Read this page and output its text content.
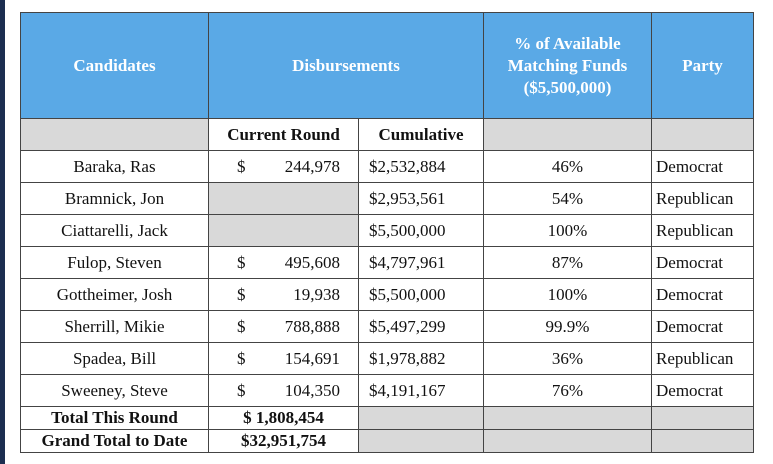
Candidates	Disbursements		% of Available Matching Funds ($5,500,000)	Party
	Current Round	Cumulative		
Baraka, Ras	$ 244,978	$2,532,884	46%	Democrat
Bramnick, Jon		$2,953,561	54%	Republican
Ciattarelli, Jack		$5,500,000	100%	Republican
Fulop, Steven	$ 495,608	$4,797,961	87%	Democrat
Gottheimer, Josh	$ 19,938	$5,500,000	100%	Democrat
Sherrill, Mikie	$ 788,888	$5,497,299	99.9%	Democrat
Spadea, Bill	$ 154,691	$1,978,882	36%	Republican
Sweeney, Steve	$ 104,350	$4,191,167	76%	Democrat
Total This Round	$ 1,808,454			
Grand Total to Date	$32,951,754			
